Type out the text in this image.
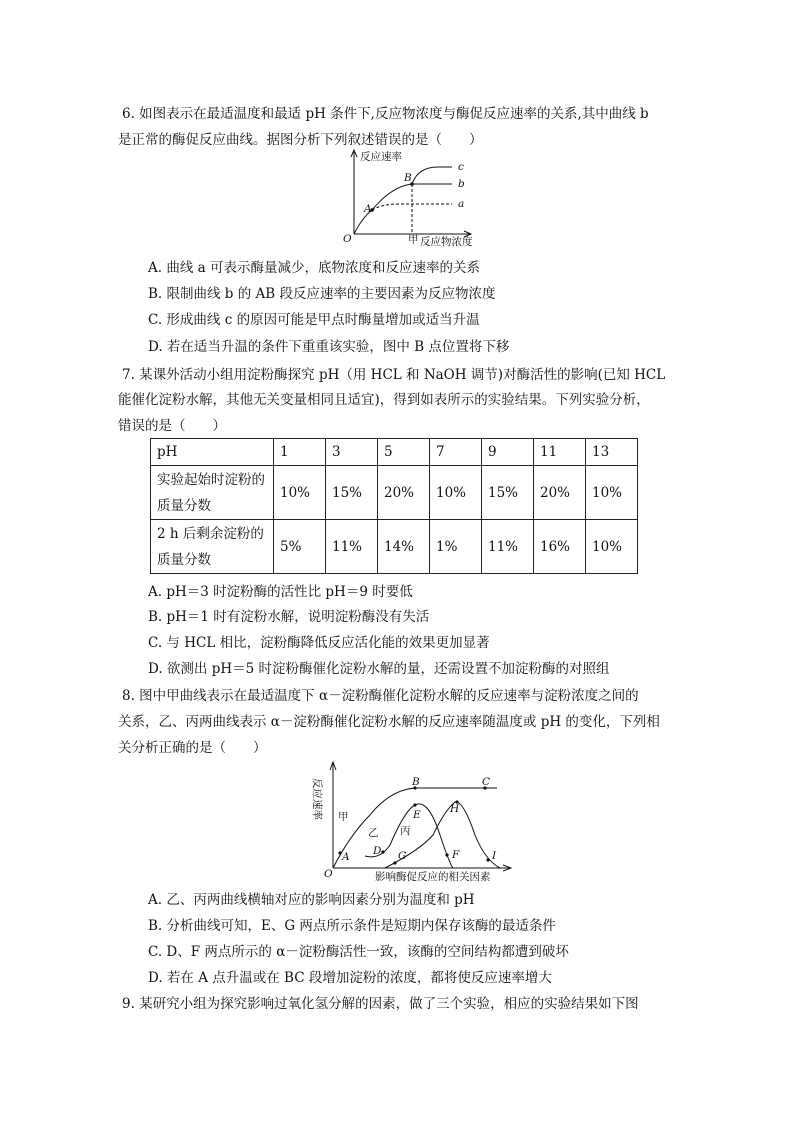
6. 如图表示在最适温度和最适 pH 条件下,反应物浓度与酶促反应速率的关系,其中曲线 b
是正常的酶促反应曲线。据图分析下列叙述错误的是（　　）
反应速率
O	甲 反应物浓度
A
B
c
b
a
A. 曲线 a 可表示酶量减少，底物浓度和反应速率的关系
B. 限制曲线 b 的 AB 段反应速率的主要因素为反应物浓度
C. 形成曲线 c 的原因可能是甲点时酶量增加或适当升温
D. 若在适当升温的条件下重重该实验，图中 B 点位置将下移
7. 某课外活动小组用淀粉酶探究 pH（用 HCL 和 NaOH 调节)对酶活性的影响(已知 HCL
能催化淀粉水解，其他无关变量相同且适宜)，得到如表所示的实验结果。下列实验分析，
错误的是（　　）
pH	1	3	5	7	9	11	13
实验起始时淀粉的质量分数	10%	15%	20%	10%	15%	20%	10%
2 h 后剩余淀粉的质量分数	5%	11%	14%	1%	11%	16%	10%
A. pH＝3 时淀粉酶的活性比 pH＝9 时要低
B. pH＝1 时有淀粉水解，说明淀粉酶没有失活
C. 与 HCL 相比，淀粉酶降低反应活化能的效果更加显著
D. 欲测出 pH＝5 时淀粉酶催化淀粉水解的量，还需设置不加淀粉酶的对照组
8. 图中甲曲线表示在最适温度下 α－淀粉酶催化淀粉水解的反应速率与淀粉浓度之间的
关系，乙、丙两曲线表示 α－淀粉酶催化淀粉水解的反应速率随温度或 pH 的变化，下列相
关分析正确的是（　　）
反应速率
O	影响酶促反应的相关因素
甲
乙 丙
A
B	C
D
E
F
G
H
I
A. 乙、丙两曲线横轴对应的影响因素分别为温度和 pH
B. 分析曲线可知，E、G 两点所示条件是短期内保存该酶的最适条件
C. D、F 两点所示的 α－淀粉酶活性一致，该酶的空间结构都遭到破坏
D. 若在 A 点升温或在 BC 段增加淀粉的浓度，都将使反应速率增大
9. 某研究小组为探究影响过氧化氢分解的因素，做了三个实验，相应的实验结果如下图
